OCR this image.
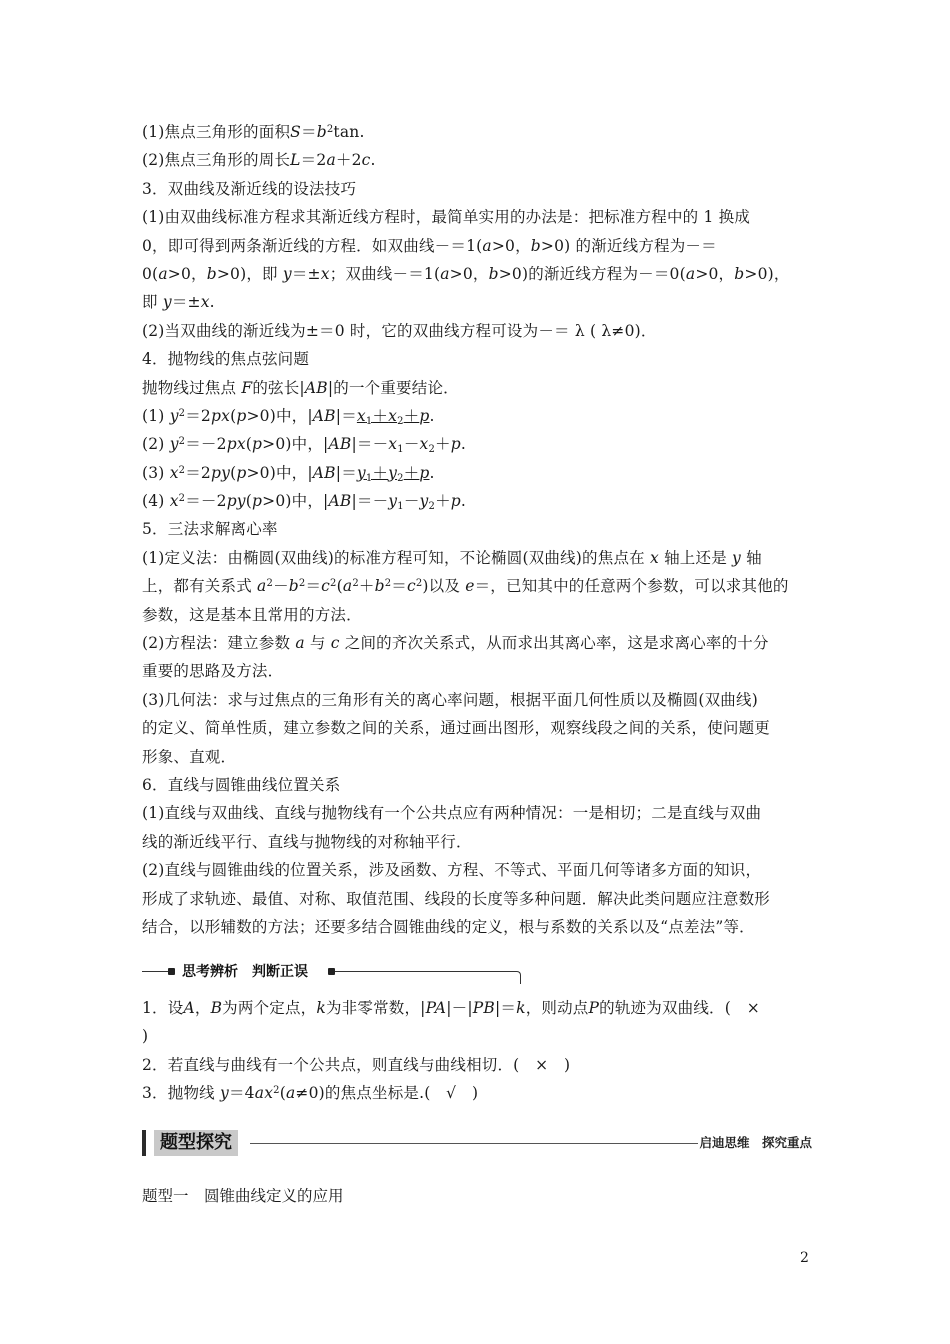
(1)焦点三角形的面积$S=b^2\tan$.
(2)焦点三角形的周长L＝2a＋2c.
3．双曲线及渐近线的设法技巧
(1)由双曲线标准方程求其渐近线方程时，最简单实用的办法是：把标准方程中的 1 换成
0，即可得到两条渐近线的方程．如双曲线－＝1(a>0，b>0) 的渐近线方程为－＝
0(a>0，b>0)，即 y＝±x；双曲线－＝1(a>0，b>0)的渐近线方程为－＝0(a>0，b>0)，
即 y＝±x.
(2)当双曲线的渐近线为±＝0 时，它的双曲线方程可设为－＝ λ ( λ≠0)．
4．抛物线的焦点弦问题
抛物线过焦点 F的弦长|AB|的一个重要结论．
(1) $y^2=2px(p>0)$中，$|AB|=x_1+x_2+p$.
(2) $y^2=-2px(p>0)$中，$|AB|=-x_1-x_2+p$.
(3) $x^2=2py(p>0)$中，$|AB|=y_1+y_2+p$.
(4) $x^2=-2py(p>0)$中，$|AB|=-y_1-y_2+p$.
5．三法求解离心率
(1)定义法：由椭圆(双曲线)的标准方程可知，不论椭圆(双曲线)的焦点在 x 轴上还是 y 轴
上，都有关系式 $a^2-b^2=c^2(a^2+b^2=c^2)$以及 e＝，已知其中的任意两个参数，可以求其他的
参数，这是基本且常用的方法．
(2)方程法：建立参数 a 与 c 之间的齐次关系式，从而求出其离心率，这是求离心率的十分
重要的思路及方法．
(3)几何法：求与过焦点的三角形有关的离心率问题，根据平面几何性质以及椭圆(双曲线)
的定义、简单性质，建立参数之间的关系，通过画出图形，观察线段之间的关系，使问题更
形象、直观．
6．直线与圆锥曲线位置关系
(1)直线与双曲线、直线与抛物线有一个公共点应有两种情况：一是相切；二是直线与双曲
线的渐近线平行、直线与抛物线的对称轴平行．
(2)直线与圆锥曲线的位置关系，涉及函数、方程、不等式、平面几何等诸多方面的知识，
形成了求轨迹、最值、对称、取值范围、线段的长度等多种问题．解决此类问题应注意数形
结合，以形辅数的方法；还要多结合圆锥曲线的定义，根与系数的关系以及“点差法”等．
思考辨析　判断正误
1．设A，B为两个定点，k为非零常数，|PA|－|PB|＝k，则动点P的轨迹为双曲线．(　×
)
2．若直线与曲线有一个公共点，则直线与曲线相切．(　×　)
3．抛物线 $y=4ax^2(a\ne 0)$的焦点坐标是.(　√　)
题型探究	启迪思维　探究重点
题型一　圆锥曲线定义的应用
2
